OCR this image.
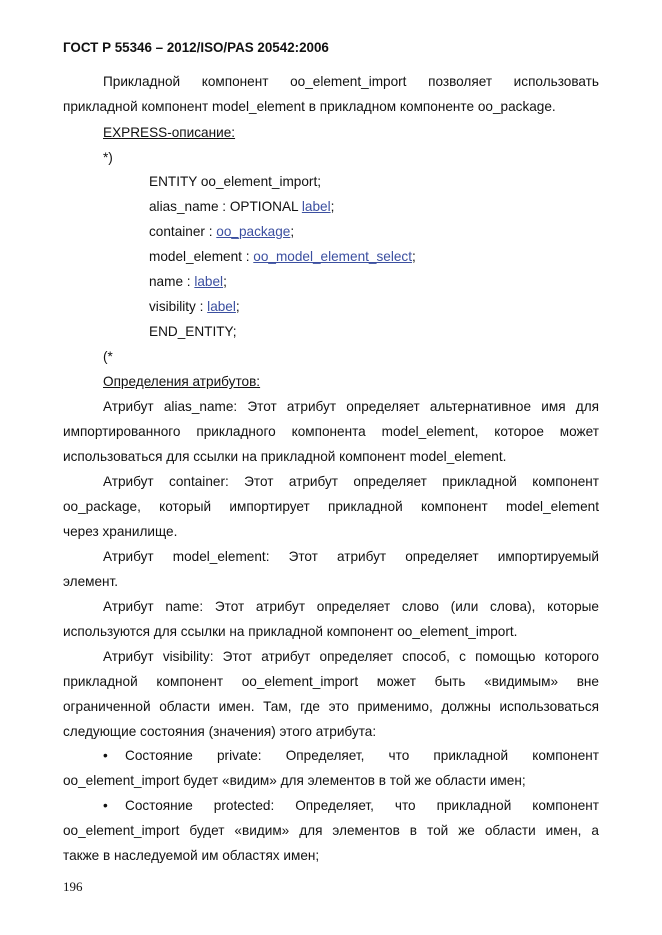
ГОСТ Р 55346 – 2012/ISO/PAS 20542:2006
Прикладной компонент oo_element_import позволяет использовать
прикладной компонент model_element в прикладном компоненте oo_package.
EXPRESS-описание:
*)
ENTITY oo_element_import;
alias_name : OPTIONAL label;
container : oo_package;
model_element : oo_model_element_select;
name : label;
visibility : label;
END_ENTITY;
(*
Определения атрибутов:
Атрибут alias_name: Этот атрибут определяет альтернативное имя для
импортированного прикладного компонента model_element, которое может
использоваться для ссылки на прикладной компонент model_element.
Атрибут container: Этот атрибут определяет прикладной компонент
oo_package, который импортирует прикладной компонент model_element
через хранилище.
Атрибут model_element: Этот атрибут определяет импортируемый
элемент.
Атрибут name: Этот атрибут определяет слово (или слова), которые
используются для ссылки на прикладной компонент oo_element_import.
Атрибут visibility: Этот атрибут определяет способ, с помощью которого
прикладной компонент oo_element_import может быть «видимым» вне
ограниченной области имен. Там, где это применимо, должны использоваться
следующие состояния (значения) этого атрибута:
•	Состояние private: Определяет, что прикладной компонент
oo_element_import будет «видим» для элементов в той же области имен;
•	Состояние protected: Определяет, что прикладной компонент
oo_element_import будет «видим» для элементов в той же области имен, а
также в наследуемой им областях имен;
196
